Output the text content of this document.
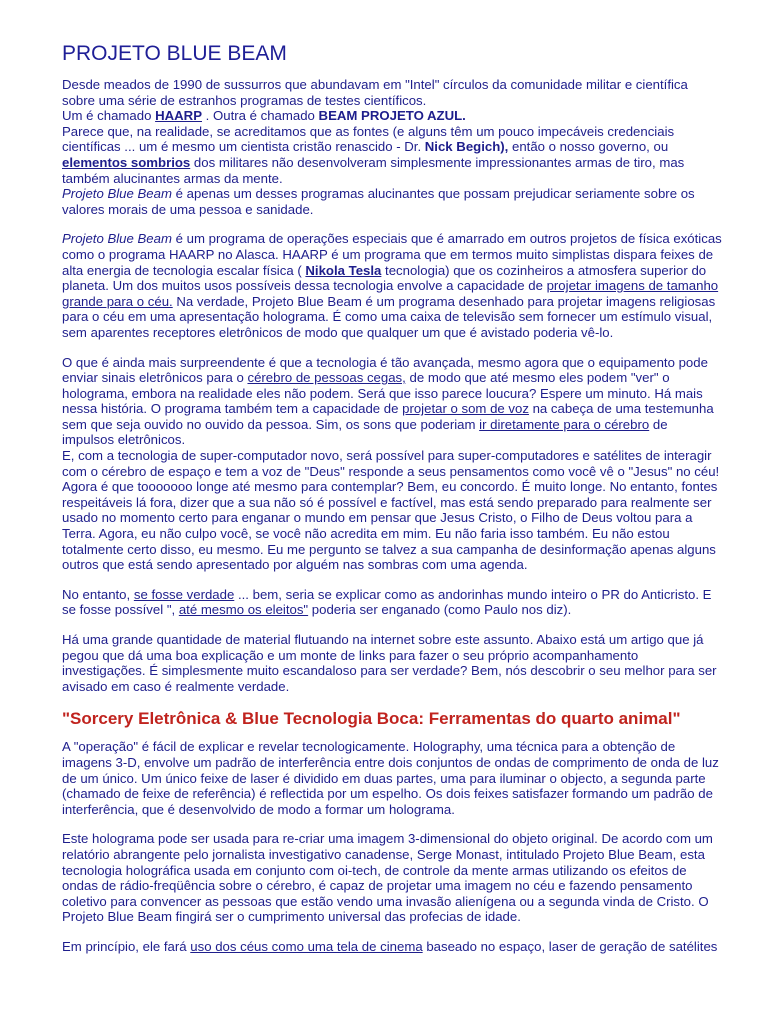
PROJETO BLUE BEAM

Desde meados de 1990 de sussurros que abundavam em "Intel" círculos da comunidade militar e científica sobre uma série de estranhos programas de testes científicos.
Um é chamado HAARP . Outra é chamado BEAM PROJETO AZUL.
Parece que, na realidade, se acreditamos que as fontes (e alguns têm um pouco impecáveis credenciais científicas ... um é mesmo um cientista cristão renascido - Dr. Nick Begich), então o nosso governo, ou elementos sombrios dos militares não desenvolveram simplesmente impressionantes armas de tiro, mas também alucinantes armas da mente.
Projeto Blue Beam é apenas um desses programas alucinantes que possam prejudicar seriamente sobre os valores morais de uma pessoa e sanidade.

Projeto Blue Beam é um programa de operações especiais que é amarrado em outros projetos de física exóticas como o programa HAARP no Alasca. HAARP é um programa que em termos muito simplistas dispara feixes de alta energia de tecnologia escalar física ( Nikola Tesla tecnologia) que os cozinheiros a atmosfera superior do planeta. Um dos muitos usos possíveis dessa tecnologia envolve a capacidade de projetar imagens de tamanho grande para o céu. Na verdade, Projeto Blue Beam é um programa desenhado para projetar imagens religiosas para o céu em uma apresentação holograma. É como uma caixa de televisão sem fornecer um estímulo visual, sem aparentes receptores eletrônicos de modo que qualquer um que é avistado poderia vê-lo.

O que é ainda mais surpreendente é que a tecnologia é tão avançada, mesmo agora que o equipamento pode enviar sinais eletrônicos para o cérebro de pessoas cegas, de modo que até mesmo eles podem "ver" o holograma, embora na realidade eles não podem. Será que isso parece loucura? Espere um minuto. Há mais nessa história. O programa também tem a capacidade de projetar o som de voz na cabeça de uma testemunha sem que seja ouvido no ouvido da pessoa. Sim, os sons que poderiam ir diretamente para o cérebro de impulsos eletrônicos.
E, com a tecnologia de super-computador novo, será possível para super-computadores e satélites de interagir com o cérebro de espaço e tem a voz de "Deus" responde a seus pensamentos como você vê o "Jesus" no céu! Agora é que tooooooo longe até mesmo para contemplar? Bem, eu concordo. É muito longe. No entanto, fontes respeitáveis lá fora, dizer que a sua não só é possível e factível, mas está sendo preparado para realmente ser usado no momento certo para enganar o mundo em pensar que Jesus Cristo, o Filho de Deus voltou para a Terra. Agora, eu não culpo você, se você não acredita em mim. Eu não faria isso também. Eu não estou totalmente certo disso, eu mesmo. Eu me pergunto se talvez a sua campanha de desinformação apenas alguns outros que está sendo apresentado por alguém nas sombras com uma agenda.

No entanto, se fosse verdade ... bem, seria se explicar como as andorinhas mundo inteiro o PR do Anticristo. E se fosse possível ", até mesmo os eleitos" poderia ser enganado (como Paulo nos diz).

Há uma grande quantidade de material flutuando na internet sobre este assunto. Abaixo está um artigo que já pegou que dá uma boa explicação e um monte de links para fazer o seu próprio acompanhamento investigações. É simplesmente muito escandaloso para ser verdade? Bem, nós descobrir o seu melhor para ser avisado em caso é realmente verdade.

"Sorcery Eletrônica & Blue Tecnologia Boca: Ferramentas do quarto animal"

A "operação" é fácil de explicar e revelar tecnologicamente. Holography, uma técnica para a obtenção de imagens 3-D, envolve um padrão de interferência entre dois conjuntos de ondas de comprimento de onda de luz de um único. Um único feixe de laser é dividido em duas partes, uma para iluminar o objecto, a segunda parte (chamado de feixe de referência) é reflectida por um espelho. Os dois feixes satisfazer formando um padrão de interferência, que é desenvolvido de modo a formar um holograma.

Este holograma pode ser usada para re-criar uma imagem 3-dimensional do objeto original. De acordo com um relatório abrangente pelo jornalista investigativo canadense, Serge Monast, intitulado Projeto Blue Beam, esta tecnologia holográfica usada em conjunto com oi-tech, de controle da mente armas utilizando os efeitos de ondas de rádio-freqüência sobre o cérebro, é capaz de projetar uma imagem no céu e fazendo pensamento coletivo para convencer as pessoas que estão vendo uma invasão alienígena ou a segunda vinda de Cristo. O Projeto Blue Beam fingirá ser o cumprimento universal das profecias de idade.

Em princípio, ele fará uso dos céus como uma tela de cinema baseado no espaço, laser de geração de satélites
